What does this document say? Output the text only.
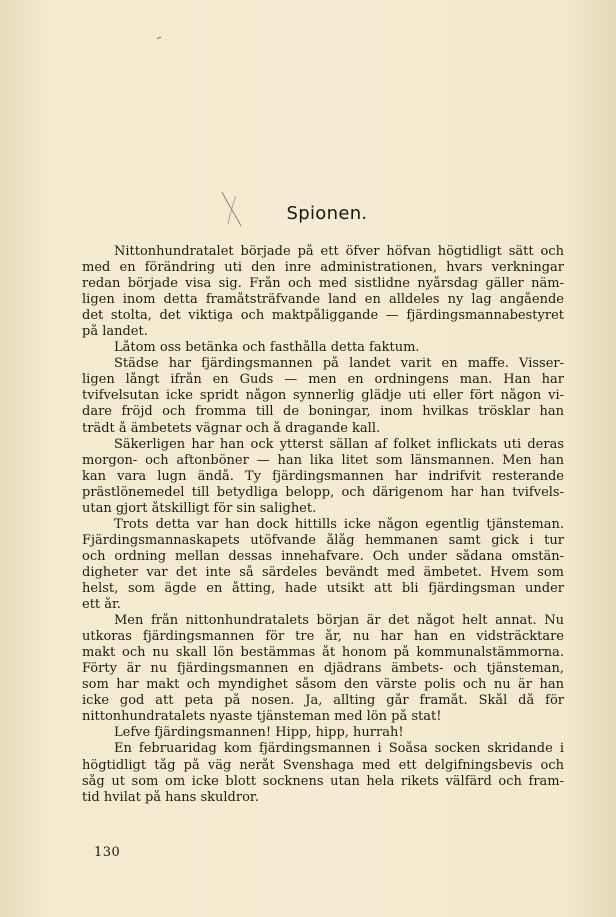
Spionen.
Nittonhundratalet började på ett öfver höfvan högtidligt sätt och
med en förändring uti den inre administrationen, hvars verkningar
redan började visa sig. Från och med sistlidne nyårsdag gäller näm-
ligen inom detta framåtsträfvande land en alldeles ny lag angående
det stolta, det viktiga och maktpåliggande — fjärdingsmannabestyret
på landet.
Låtom oss betänka och fasthålla detta faktum.
Städse har fjärdingsmannen på landet varit en maffe. Visser-
ligen långt ifrån en Guds — men en ordningens man. Han har
tvifvelsutan icke spridt någon synnerlig glädje uti eller fört någon vi-
dare fröjd och fromma till de boningar, inom hvilkas trösklar han
trädt å ämbetets vägnar och å dragande kall.
Säkerligen har han ock ytterst sällan af folket inflickats uti deras
morgon- och aftonböner — han lika litet som länsmannen. Men han
kan vara lugn ändå. Ty fjärdingsmannen har indrifvit resterande
prästlönemedel till betydliga belopp, och därigenom har han tvifvels-
utan gjort åtskilligt för sin salighet.
Trots detta var han dock hittills icke någon egentlig tjänsteman.
Fjärdingsmannaskapets utöfvande ålåg hemmanen samt gick i tur
och ordning mellan dessas innehafvare. Och under sådana omstän-
digheter var det inte så särdeles bevändt med ämbetet. Hvem som
helst, som ägde en åtting, hade utsikt att bli fjärdingsman under
ett år.
Men från nittonhundratalets början är det något helt annat. Nu
utkoras fjärdingsmannen för tre år, nu har han en vidsträcktare
makt och nu skall lön bestämmas åt honom på kommunalstämmorna.
Förty är nu fjärdingsmannen en djädrans ämbets- och tjänsteman,
som har makt och myndighet såsom den värste polis och nu är han
icke god att peta på nosen. Ja, allting går framåt. Skål då för
nittonhundratalets nyaste tjänsteman med lön på stat!
Lefve fjärdingsmannen! Hipp, hipp, hurrah!
En februaridag kom fjärdingsmannen i Soåsa socken skridande i
högtidligt tåg på väg neråt Svenshaga med ett delgifningsbevis och
såg ut som om icke blott socknens utan hela rikets välfärd och fram-
tid hvilat på hans skuldror.
130
